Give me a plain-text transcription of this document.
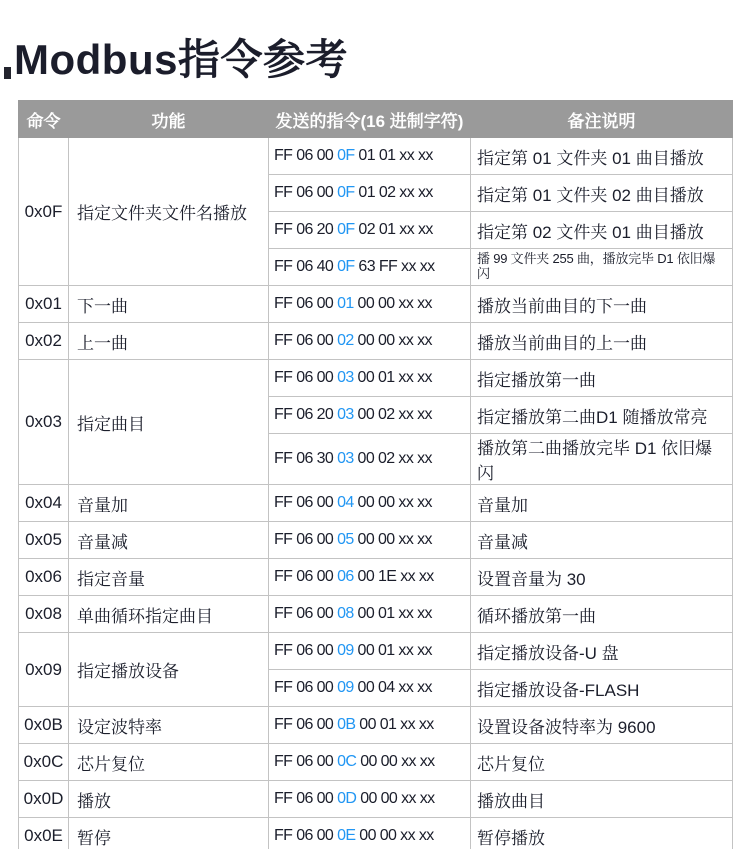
Modbus指令参考
命令	功能	发送的指令(16 进制字符)	备注说明
0x0F	指定文件夹文件名播放	FF 06 00 0F 01 01 xx xx	指定第 01 文件夹 01 曲目播放
		FF 06 00 0F 01 02 xx xx	指定第 01 文件夹 02 曲目播放
		FF 06 20 0F 02 01 xx xx	指定第 02 文件夹 01 曲目播放
		FF 06 40 0F 63 FF xx xx	播 99 文件夹 255 曲，播放完毕 D1 依旧爆闪
0x01	下一曲	FF 06 00 01 00 00 xx xx	播放当前曲目的下一曲
0x02	上一曲	FF 06 00 02 00 00 xx xx	播放当前曲目的上一曲
0x03	指定曲目	FF 06 00 03 00 01 xx xx	指定播放第一曲
		FF 06 20 03 00 02 xx xx	指定播放第二曲D1 随播放常亮
		FF 06 30 03 00 02 xx xx	播放第二曲播放完毕 D1 依旧爆闪
0x04	音量加	FF 06 00 04 00 00 xx xx	音量加
0x05	音量减	FF 06 00 05 00 00 xx xx	音量减
0x06	指定音量	FF 06 00 06 00 1E xx xx	设置音量为 30
0x08	单曲循环指定曲目	FF 06 00 08 00 01 xx xx	循环播放第一曲
0x09	指定播放设备	FF 06 00 09 00 01 xx xx	指定播放设备-U 盘
		FF 06 00 09 00 04 xx xx	指定播放设备-FLASH
0x0B	设定波特率	FF 06 00 0B 00 01 xx xx	设置设备波特率为 9600
0x0C	芯片复位	FF 06 00 0C 00 00 xx xx	芯片复位
0x0D	播放	FF 06 00 0D 00 00 xx xx	播放曲目
0x0E	暂停	FF 06 00 0E 00 00 xx xx	暂停播放
